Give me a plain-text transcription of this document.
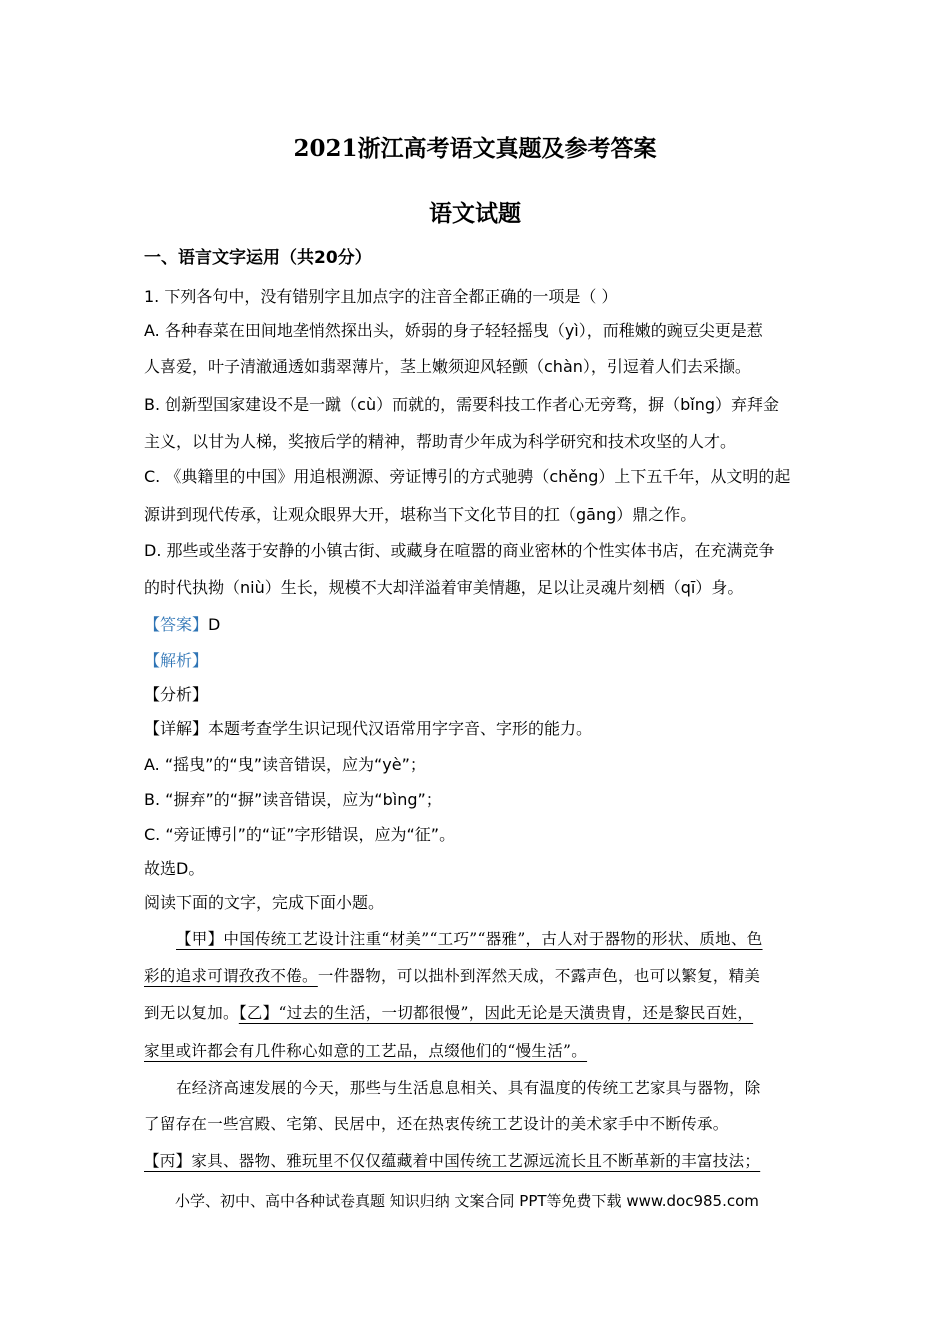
2021浙江高考语文真题及参考答案
语文试题
一、语言文字运用（共20分）
1. 下列各句中，没有错别字且加点字的注音全都正确的一项是（ ）
A. 各种春菜在田间地垄悄然探出头，娇弱的身子轻轻摇曳（yì），而稚嫩的豌豆尖更是惹
人喜爱，叶子清澈通透如翡翠薄片，茎上嫩须迎风轻颤（chàn），引逗着人们去采撷。
B. 创新型国家建设不是一蹴（cù）而就的，需要科技工作者心无旁骛，摒（bǐng）弃拜金
主义，以甘为人梯，奖掖后学的精神，帮助青少年成为科学研究和技术攻坚的人才。
C. 《典籍里的中国》用追根溯源、旁证博引的方式驰骋（chěng）上下五千年，从文明的起
源讲到现代传承，让观众眼界大开，堪称当下文化节目的扛（gāng）鼎之作。
D. 那些或坐落于安静的小镇古街、或藏身在喧嚣的商业密林的个性实体书店，在充满竞争
的时代执拗（niù）生长，规模不大却洋溢着审美情趣，足以让灵魂片刻栖（qī）身。
【答案】D
【解析】
【分析】
【详解】本题考查学生识记现代汉语常用字字音、字形的能力。
A. “摇曳”的“曳”读音错误，应为“yè”；
B. “摒弃”的“摒”读音错误，应为“bìng”；
C. “旁证博引”的“证”字形错误，应为“征”。
故选D。
阅读下面的文字，完成下面小题。
【甲】中国传统工艺设计注重“材美”“工巧”“器雅”，古人对于器物的形状、质地、色
彩的追求可谓孜孜不倦。一件器物，可以拙朴到浑然天成，不露声色，也可以繁复，精美
到无以复加。【乙】“过去的生活，一切都很慢”，因此无论是天潢贵胄，还是黎民百姓，
家里或许都会有几件称心如意的工艺品，点缀他们的“慢生活”。
在经济高速发展的今天，那些与生活息息相关、具有温度的传统工艺家具与器物，除
了留存在一些宫殿、宅第、民居中，还在热衷传统工艺设计的美术家手中不断传承。
【丙】家具、器物、雅玩里不仅仅蕴藏着中国传统工艺源远流长且不断革新的丰富技法；
小学、初中、高中各种试卷真题 知识归纳 文案合同 PPT等免费下载 www.doc985.com
